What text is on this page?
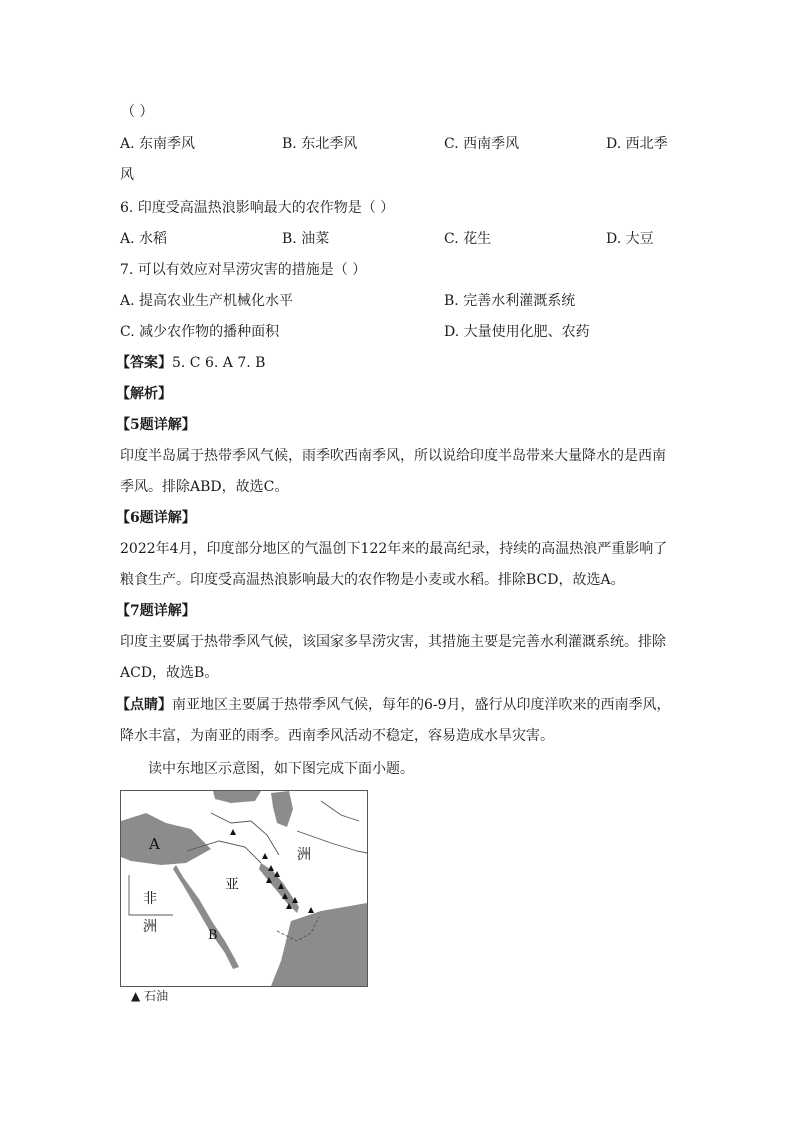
（ ）
A. 东南季风	B. 东北季风	C. 西南季风	D. 西北季
风
6. 印度受高温热浪影响最大的农作物是（ ）
A. 水稻	B. 油菜	C. 花生	D. 大豆
7. 可以有效应对旱涝灾害的措施是（ ）
A. 提高农业生产机械化水平	B. 完善水利灌溉系统
C. 减少农作物的播种面积	D. 大量使用化肥、农药
【答案】5. C 6. A 7. B
【解析】
【5题详解】
印度半岛属于热带季风气候，雨季吹西南季风，所以说给印度半岛带来大量降水的是西南
季风。排除ABD，故选C。
【6题详解】
2022年4月，印度部分地区的气温创下122年来的最高纪录，持续的高温热浪严重影响了
粮食生产。印度受高温热浪影响最大的农作物是小麦或水稻。排除BCD，故选A。
【7题详解】
印度主要属于热带季风气候，该国家多旱涝灾害，其措施主要是完善水利灌溉系统。排除
ACD，故选B。
【点睛】南亚地区主要属于热带季风气候，每年的6-9月，盛行从印度洋吹来的西南季风，
降水丰富，为南亚的雨季。西南季风活动不稳定，容易造成水旱灾害。
读中东地区示意图，如下图完成下面小题。
A
B
亚
洲
非
洲
▲ 石油
